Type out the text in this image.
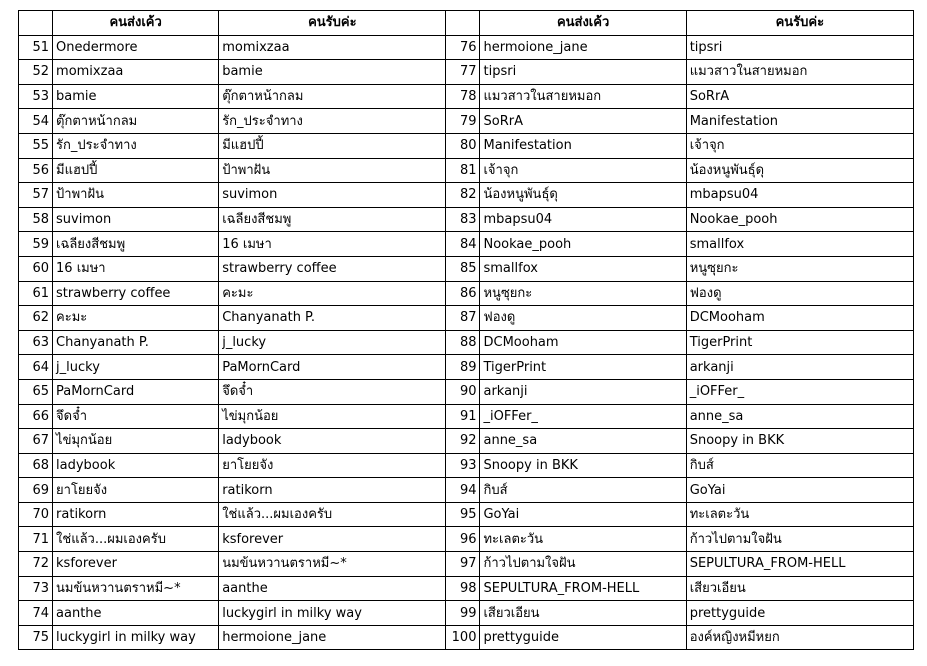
	คนส่งเค้ว	คนรับค่ะ		คนส่งเค้ว	คนรับค่ะ
51	Onedermore	momixzaa	76	hermoione_jane	tipsri
52	momixzaa	bamie	77	tipsri	แมวสาวในสายหมอก
53	bamie	ตุ๊กตาหน้ากลม	78	แมวสาวในสายหมอก	SoRrA
54	ตุ๊กตาหน้ากลม	รัก_ประจำทาง	79	SoRrA	Manifestation
55	รัก_ประจำทาง	มีแฮปปี้	80	Manifestation	เจ้าจุก
56	มีแฮปปี้	ป้าพาฝัน	81	เจ้าจุก	น้องหนูพันธุ์ดุ
57	ป้าพาฝัน	suvimon	82	น้องหนูพันธุ์ดุ	mbapsu04
58	suvimon	เฉลียงสีชมพู	83	mbapsu04	Nookae_pooh
59	เฉลียงสีชมพู	16 เมษา	84	Nookae_pooh	smallfox
60	16 เมษา	strawberry coffee	85	smallfox	หนูซุยกะ
61	strawberry coffee	คะมะ	86	หนูซุยกะ	ฟองดู
62	คะมะ	Chanyanath P.	87	ฟองดู	DCMooham
63	Chanyanath P.	j_lucky	88	DCMooham	TigerPrint
64	j_lucky	PaMornCard	89	TigerPrint	arkanji
65	PaMornCard	จึดจ๋ำ	90	arkanji	_iOFFer_
66	จึดจ๋ำ	ไข่มุกน้อย	91	_iOFFer_	anne_sa
67	ไข่มุกน้อย	ladybook	92	anne_sa	Snoopy in BKK
68	ladybook	ยาโยยจัง	93	Snoopy in BKK	กิบส์
69	ยาโยยจัง	ratikorn	94	กิบส์	GoYai
70	ratikorn	ใช่แล้ว...ผมเองครับ	95	GoYai	ทะเลตะวัน
71	ใช่แล้ว...ผมเองครับ	ksforever	96	ทะเลตะวัน	ก้าวไปตามใจฝัน
72	ksforever	นมข้นหวานตราหมี~*	97	ก้าวไปตามใจฝัน	SEPULTURA_FROM-HELL
73	นมข้นหวานตราหมี~*	aanthe	98	SEPULTURA_FROM-HELL	เสียวเอียน
74	aanthe	luckygirl in milky way	99	เสียวเอียน	prettyguide
75	luckygirl in milky way	hermoione_jane	100	prettyguide	องค์หญิงหมีหยก
